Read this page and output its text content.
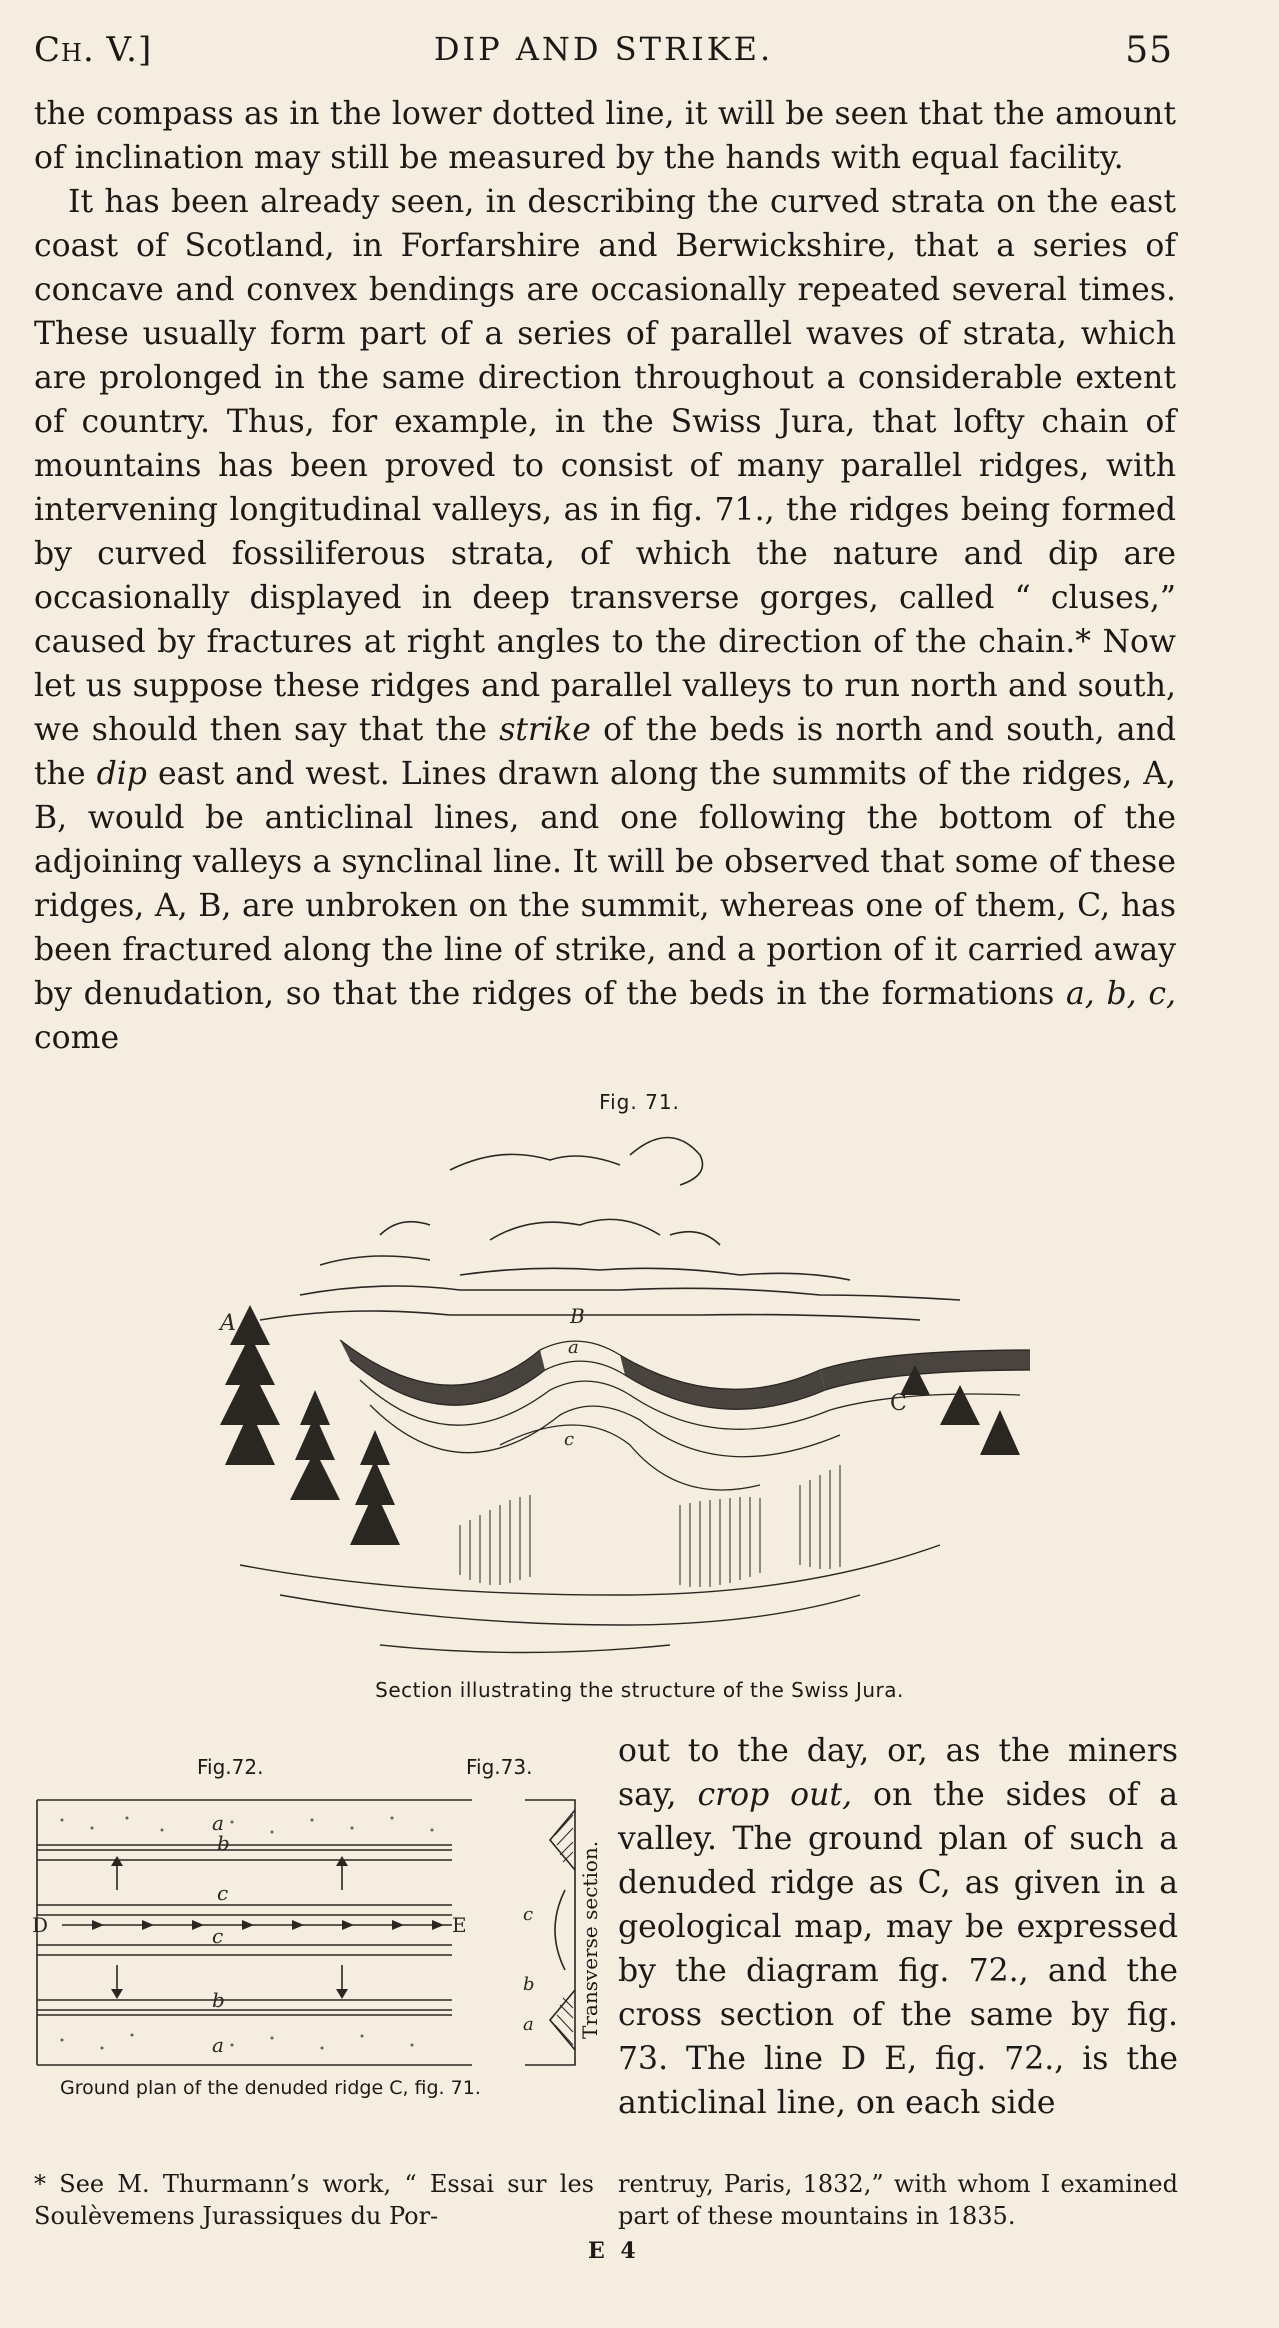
Ch. V.]	DIP AND STRIKE.	55

the compass as in the lower dotted line, it will be seen that the amount of inclination may still be measured by the hands with equal facility.

It has been already seen, in describing the curved strata on the east coast of Scotland, in Forfarshire and Berwickshire, that a series of concave and convex bendings are occasionally repeated several times. These usually form part of a series of parallel waves of strata, which are prolonged in the same direction throughout a considerable extent of country. Thus, for example, in the Swiss Jura, that lofty chain of mountains has been proved to consist of many parallel ridges, with intervening longitudinal valleys, as in fig. 71., the ridges being formed by curved fossiliferous strata, of which the nature and dip are occasionally displayed in deep transverse gorges, called “ cluses,” caused by fractures at right angles to the direction of the chain.* Now let us suppose these ridges and parallel valleys to run north and south, we should then say that the strike of the beds is north and south, and the dip east and west. Lines drawn along the summits of the ridges, A, B, would be anticlinal lines, and one following the bottom of the adjoining valleys a synclinal line. It will be observed that some of these ridges, A, B, are unbroken on the summit, whereas one of them, C, has been fractured along the line of strike, and a portion of it carried away by denudation, so that the ridges of the beds in the formations a, b, c, come

Fig. 71.
A	B
C
a
c
Section illustrating the structure of the Swiss Jura.
Fig.72.	Fig.73.
a
b
c
D	E
c
b
a
c
b
a Transverse section.
Ground plan of the denuded ridge C, fig. 71.
out to the day, or, as the miners say, crop out, on the sides of a valley. The ground plan of such a denuded ridge as C, as given in a geological map, may be expressed by the diagram fig. 72., and the cross section of the same by fig. 73. The line D E, fig. 72., is the anticlinal line, on each side
* See M. Thurmann’s work, “ Essai sur les Soulèvemens Jurassiques du Por-
rentruy, Paris, 1832,” with whom I examined part of these mountains in 1835.
E 4
